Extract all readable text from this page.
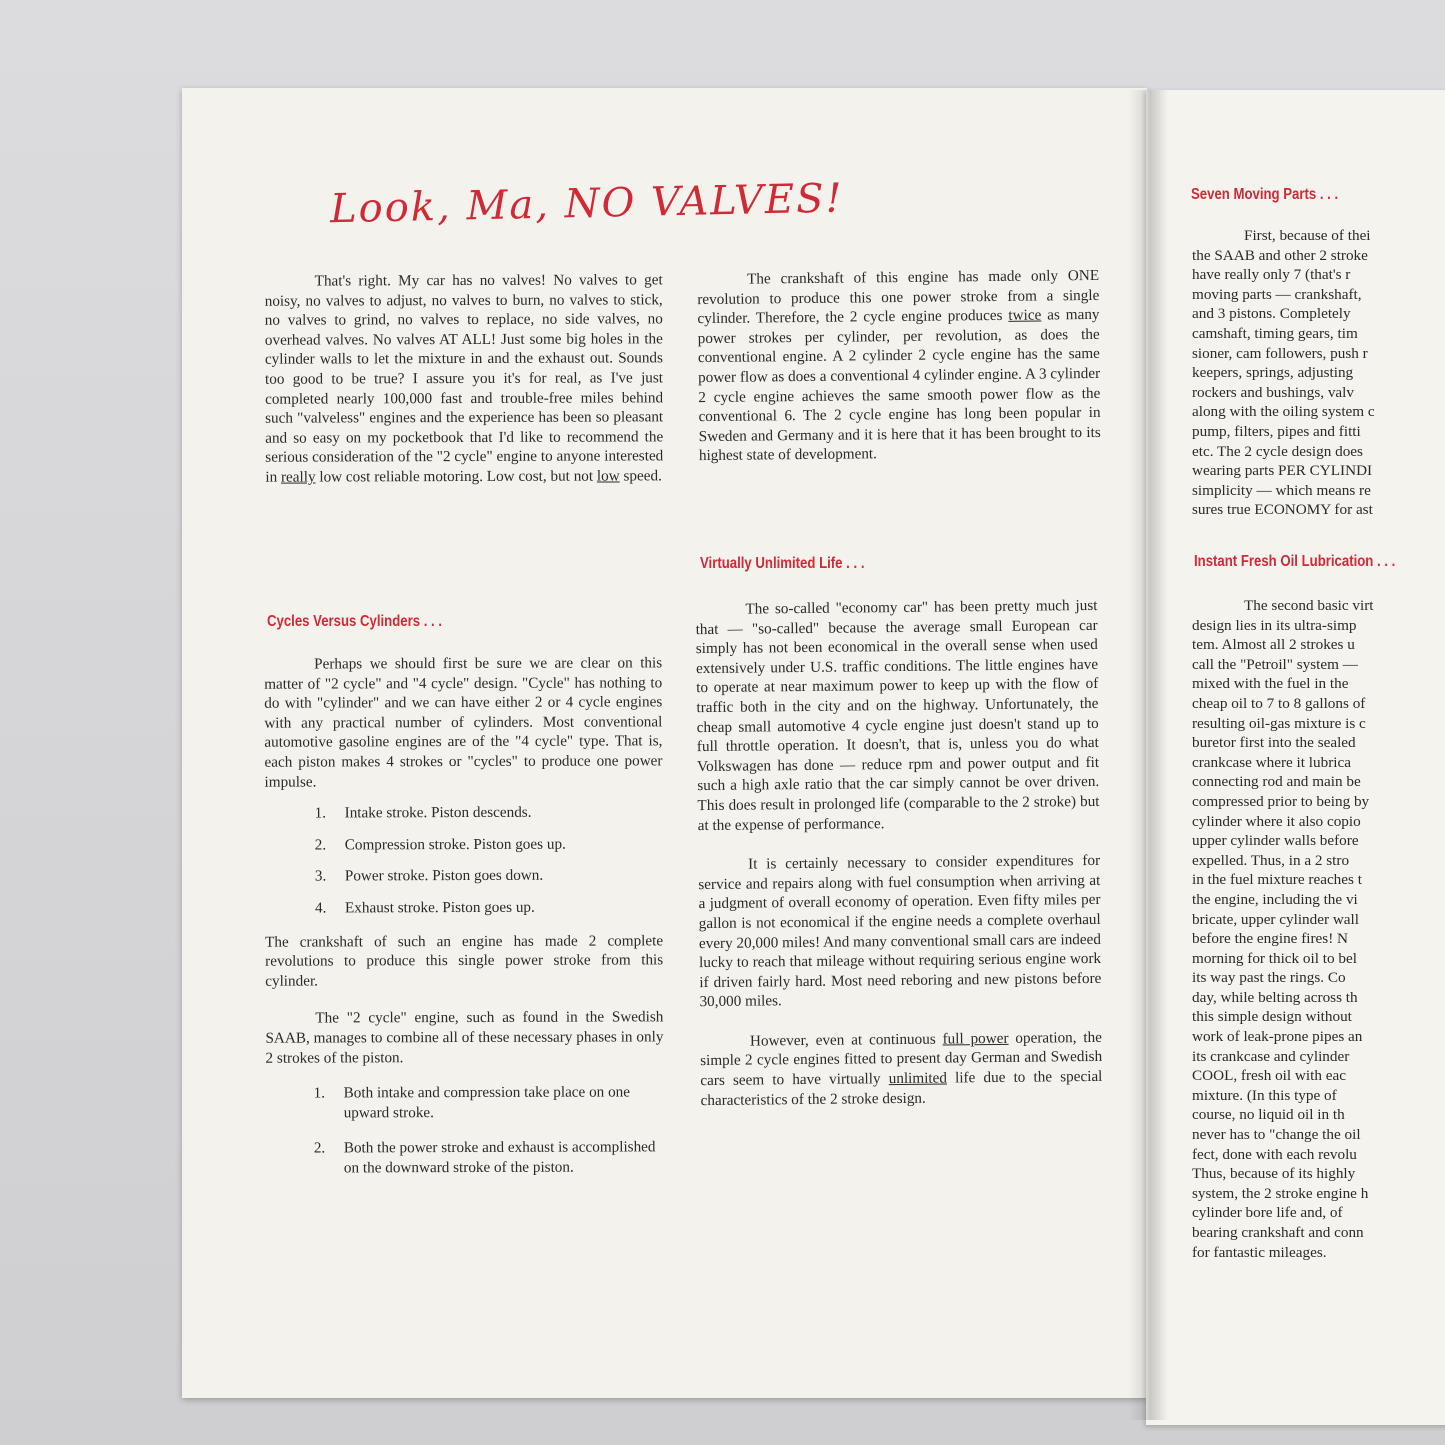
Look, Ma, NO VALVES!

That's right. My car has no valves! No valves to get noisy, no valves to adjust, no valves to burn, no valves to stick, no valves to grind, no valves to replace, no side valves, no overhead valves. No valves AT ALL! Just some big holes in the cylinder walls to let the mixture in and the exhaust out. Sounds too good to be true? I assure you it's for real, as I've just completed nearly 100,000 fast and trouble-free miles behind such "valveless" engines and the experience has been so pleasant and so easy on my pocketbook that I'd like to recommend the serious consideration of the "2 cycle" engine to anyone interested in really low cost reliable motoring. Low cost, but not low speed.

Cycles Versus Cylinders . . .

Perhaps we should first be sure we are clear on this matter of "2 cycle" and "4 cycle" design. "Cycle" has nothing to do with "cylinder" and we can have either 2 or 4 cycle engines with any practical number of cylinders. Most conventional automotive gasoline engines are of the "4 cycle" type. That is, each piston makes 4 strokes or "cycles" to produce one power impulse.

1.	Intake stroke. Piston descends.
2.	Compression stroke. Piston goes up.
3.	Power stroke. Piston goes down.
4.	Exhaust stroke. Piston goes up.

The crankshaft of such an engine has made 2 complete revolutions to produce this single power stroke from this cylinder.

The "2 cycle" engine, such as found in the Swedish SAAB, manages to combine all of these necessary phases in only 2 strokes of the piston.

1.	Both intake and compression take place on one upward stroke.
2.	Both the power stroke and exhaust is accomplished on the downward stroke of the piston.

The crankshaft of this engine has made only ONE revolution to produce this one power stroke from a single cylinder. Therefore, the 2 cycle engine produces twice as many power strokes per cylinder, per revolution, as does the conventional engine. A 2 cylinder 2 cycle engine has the same power flow as does a conventional 4 cylinder engine. A 3 cylinder 2 cycle engine achieves the same smooth power flow as the conventional 6. The 2 cycle engine has long been popular in Sweden and Germany and it is here that it has been brought to its highest state of development.

Virtually Unlimited Life . . .

The so-called "economy car" has been pretty much just that — "so-called" because the average small European car simply has not been economical in the overall sense when used extensively under U.S. traffic conditions. The little engines have to operate at near maximum power to keep up with the flow of traffic both in the city and on the highway. Unfortunately, the cheap small automotive 4 cycle engine just doesn't stand up to full throttle operation. It doesn't, that is, unless you do what Volkswagen has done — reduce rpm and power output and fit such a high axle ratio that the car simply cannot be over driven. This does result in prolonged life (comparable to the 2 stroke) but at the expense of performance.

It is certainly necessary to consider expenditures for service and repairs along with fuel consumption when arriving at a judgment of overall economy of operation. Even fifty miles per gallon is not economical if the engine needs a complete overhaul every 20,000 miles! And many conventional small cars are indeed lucky to reach that mileage without requiring serious engine work if driven fairly hard. Most need reboring and new pistons before 30,000 miles.

However, even at continuous full power operation, the simple 2 cycle engines fitted to present day German and Swedish cars seem to have virtually unlimited life due to the special characteristics of the 2 stroke design.

Seven Moving Parts . . .
First, because of thei
the SAAB and other 2 stroke
have really only 7 (that's r
moving parts — crankshaft,
and 3 pistons. Completely
camshaft, timing gears, tim
sioner, cam followers, push r
keepers, springs, adjusting
rockers and bushings, valv
along with the oiling system c
pump, filters, pipes and fitti
etc. The 2 cycle design does
wearing parts PER CYLINDI
simplicity — which means re
sures true ECONOMY for ast
Instant Fresh Oil Lubrication . . .
The second basic virt
design lies in its ultra-simp
tem. Almost all 2 strokes u
call the "Petroil" system —
mixed with the fuel in the
cheap oil to 7 to 8 gallons of
resulting oil-gas mixture is c
buretor first into the sealed
crankcase where it lubrica
connecting rod and main be
compressed prior to being by
cylinder where it also copio
upper cylinder walls before
expelled. Thus, in a 2 stro
in the fuel mixture reaches t
the engine, including the vi
bricate, upper cylinder wall
before the engine fires! N
morning for thick oil to bel
its way past the rings. Co
day, while belting across th
this simple design without
work of leak-prone pipes an
its crankcase and cylinder
COOL, fresh oil with eac
mixture. (In this type of
course, no liquid oil in th
never has to "change the oil
fect, done with each revolu
Thus, because of its highly
system, the 2 stroke engine h
cylinder bore life and, of
bearing crankshaft and conn
for fantastic mileages.
